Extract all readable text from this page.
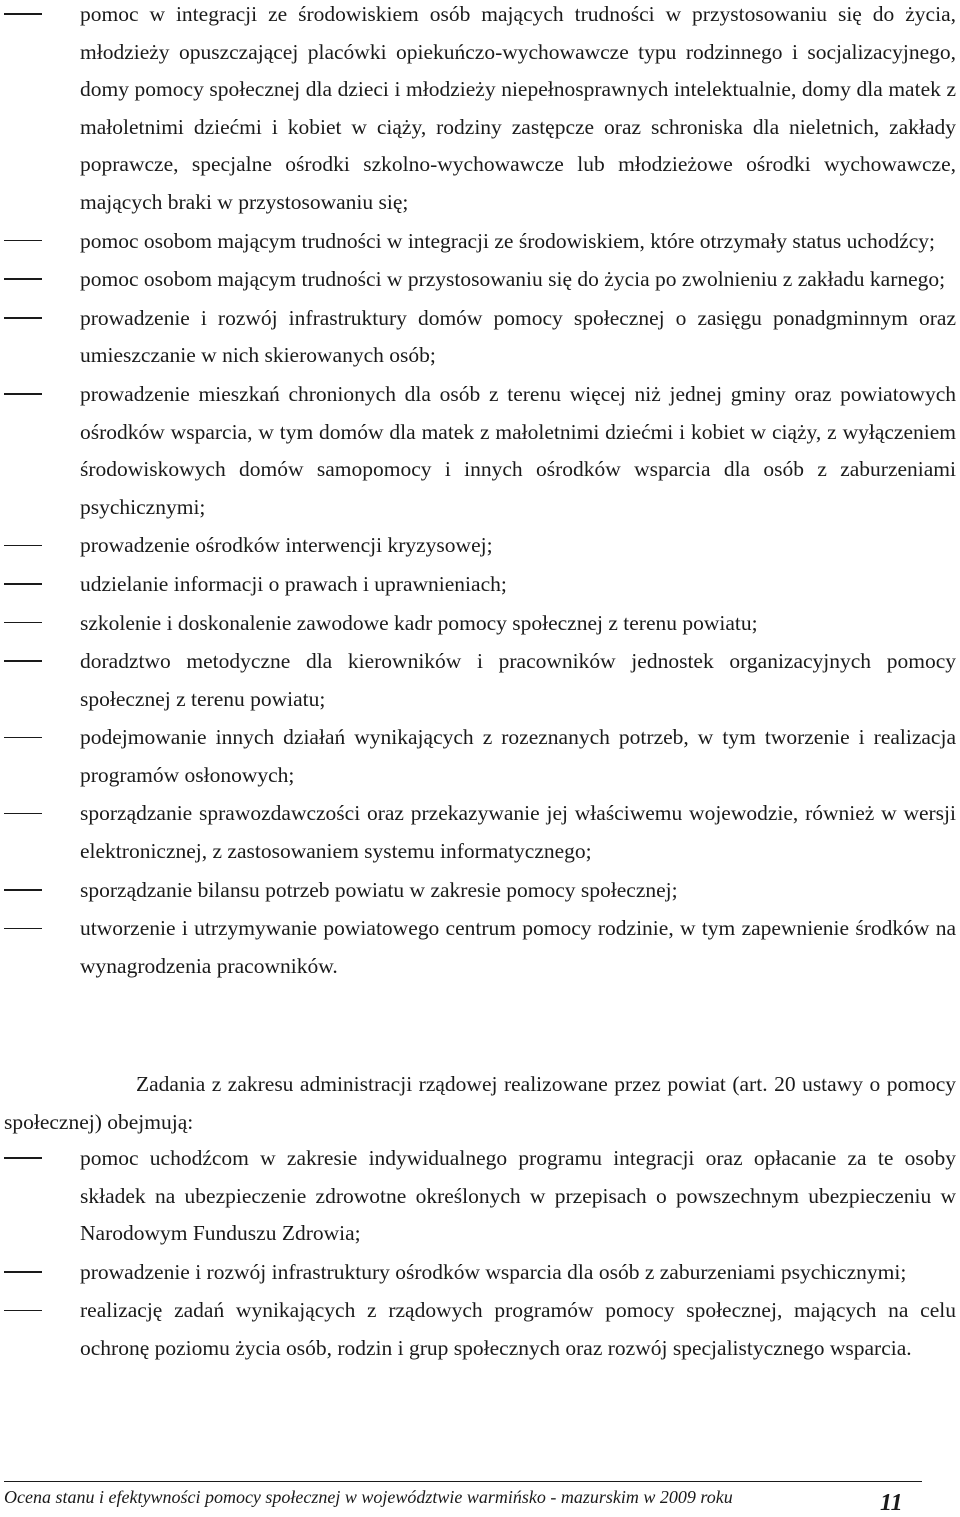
pomoc w integracji ze środowiskiem osób mających trudności w przystosowaniu się do życia, młodzieży opuszczającej placówki opiekuńczo-wychowawcze typu rodzinnego i socjalizacyjnego, domy pomocy społecznej dla dzieci i młodzieży niepełnosprawnych intelektualnie, domy dla matek z małoletnimi dziećmi i kobiet w ciąży, rodziny zastępcze oraz schroniska dla nieletnich, zakłady poprawcze, specjalne ośrodki szkolno-wychowawcze lub młodzieżowe ośrodki wychowawcze, mających braki w przystosowaniu się;
pomoc osobom mającym trudności w integracji ze środowiskiem, które otrzymały status uchodźcy;
pomoc osobom mającym trudności w przystosowaniu się do życia po zwolnieniu z zakładu karnego;
prowadzenie i rozwój infrastruktury domów pomocy społecznej o zasięgu ponadgminnym oraz umieszczanie w nich skierowanych osób;
prowadzenie mieszkań chronionych dla osób z terenu więcej niż jednej gminy oraz powiatowych ośrodków wsparcia, w tym domów dla matek z małoletnimi dziećmi i kobiet w ciąży, z wyłączeniem środowiskowych domów samopomocy i innych ośrodków wsparcia dla osób z zaburzeniami psychicznymi;
prowadzenie ośrodków interwencji kryzysowej;
udzielanie informacji o prawach i uprawnieniach;
szkolenie i doskonalenie zawodowe kadr pomocy społecznej z terenu powiatu;
doradztwo metodyczne dla kierowników i pracowników jednostek organizacyjnych pomocy społecznej z terenu powiatu;
podejmowanie innych działań wynikających z rozeznanych potrzeb, w tym tworzenie i realizacja programów osłonowych;
sporządzanie sprawozdawczości oraz przekazywanie jej właściwemu wojewodzie, również w wersji elektronicznej, z zastosowaniem systemu informatycznego;
sporządzanie bilansu potrzeb powiatu w zakresie pomocy społecznej;
utworzenie i utrzymywanie powiatowego centrum pomocy rodzinie, w tym zapewnienie środków na wynagrodzenia pracowników.

Zadania z zakresu administracji rządowej realizowane przez powiat (art. 20 ustawy o pomocy społecznej) obejmują:

pomoc uchodźcom w zakresie indywidualnego programu integracji oraz opłacanie za te osoby składek na ubezpieczenie zdrowotne określonych w przepisach o powszechnym ubezpieczeniu w Narodowym Funduszu Zdrowia;
prowadzenie i rozwój infrastruktury ośrodków wsparcia dla osób z zaburzeniami psychicznymi;
realizację zadań wynikających z rządowych programów pomocy społecznej, mających na celu ochronę poziomu życia osób, rodzin i grup społecznych oraz rozwój specjalistycznego wsparcia.
Ocena stanu i efektywności pomocy społecznej w województwie warmińsko - mazurskim w 2009 roku	11
